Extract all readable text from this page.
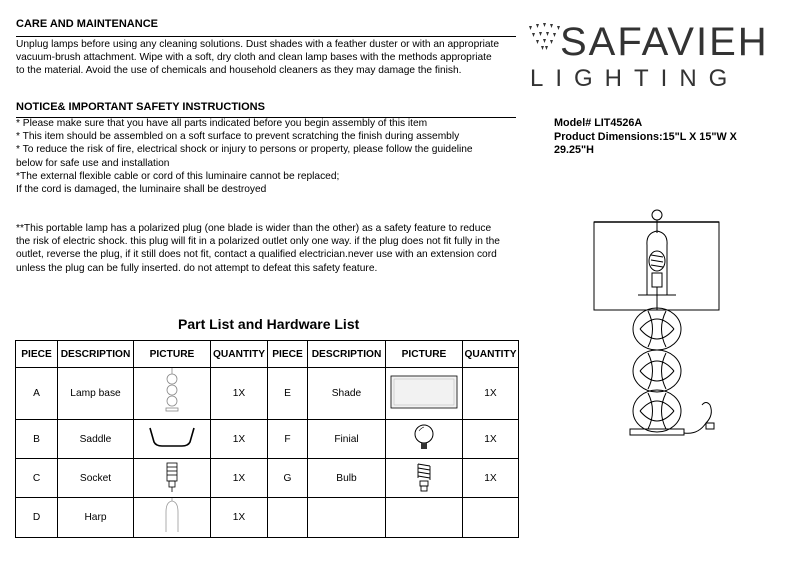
CARE AND MAINTENANCE
Unplug lamps before using any cleaning solutions. Dust shades with a feather duster or with an appropriate
vacuum-brush attachment. Wipe with a soft, dry cloth and clean lamp bases with the methods appropriate
to the material. Avoid the use of chemicals and household cleaners as they may damage the finish.
NOTICE& IMPORTANT SAFETY INSTRUCTIONS
* Please make sure that you have all parts indicated before you begin assembly of this item
* This item should be assembled on a soft surface to prevent scratching the finish during assembly
* To reduce the risk of fire, electrical shock or injury to persons or property, please follow the guideline
below for safe use and installation
*The external flexible cable or cord of this luminaire cannot be replaced;
If the cord is damaged, the luminaire shall be destroyed
**This portable lamp has a polarized plug (one blade is wider than the other) as a safety feature to reduce
the risk of electric shock. this plug will fit in a polarized outlet only one way. if the plug does not fit fully in the
outlet, reverse the plug, if it still does not fit, contact a qualified electrician.never use with an extension cord
unless the plug can be fully inserted. do not attempt to defeat this safety feature.
SAFAVIEH
LIGHTING
Model# LIT4526A
Product Dimensions:15"L X 15"W X
29.25"H
Part List and Hardware List
PIECE	DESCRIPTION	PICTURE	QUANTITY	PIECE	DESCRIPTION	PICTURE	QUANTITY
A	Lamp base		1X	E	Shade		1X
B	Saddle		1X	F	Finial		1X
C	Socket		1X	G	Bulb		1X
D	Harp		1X				
